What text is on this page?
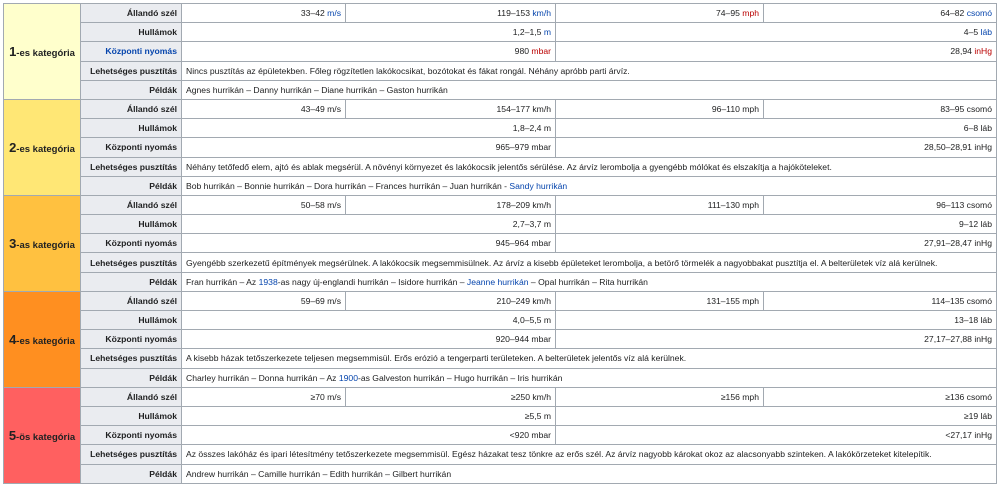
1-es kategória	Állandó szél	33–42 m/s	119–153 km/h	74–95 mph	64–82 csomó
	Hullámok	1,2–1,5 m		4–5 láb	
	Központi nyomás	980 mbar		28,94 inHg	
	Lehetséges pusztítás	Nincs pusztítás az épületekben. Főleg rögzítetlen lakókocsikat, bozótokat és fákat rongál. Néhány apróbb parti árvíz.			
	Példák	Agnes hurrikán – Danny hurrikán – Diane hurrikán – Gaston hurrikán			
2-es kategória	Állandó szél	43–49 m/s	154–177 km/h	96–110 mph	83–95 csomó
	Hullámok	1,8–2,4 m		6–8 láb	
	Központi nyomás	965–979 mbar		28,50–28,91 inHg	
	Lehetséges pusztítás	Néhány tetőfedő elem, ajtó és ablak megsérül. A növényi környezet és lakókocsik jelentős sérülése. Az árvíz lerombolja a gyengébb mólókat és elszakítja a hajóköteleket.			
	Példák	Bob hurrikán – Bonnie hurrikán – Dora hurrikán – Frances hurrikán – Juan hurrikán - Sandy hurrikán			
3-as kategória	Állandó szél	50–58 m/s	178–209 km/h	111–130 mph	96–113 csomó
	Hullámok	2,7–3,7 m		9–12 láb	
	Központi nyomás	945–964 mbar		27,91–28,47 inHg	
	Lehetséges pusztítás	Gyengébb szerkezetű építmények megsérülnek. A lakókocsik megsemmisülnek. Az árvíz a kisebb épületeket lerombolja, a betörő törmelék a nagyobbakat pusztítja el. A belterületek víz alá kerülnek.			
	Példák	Fran hurrikán – Az 1938-as nagy új-englandi hurrikán – Isidore hurrikán – Jeanne hurrikán – Opal hurrikán – Rita hurrikán			
4-es kategória	Állandó szél	59–69 m/s	210–249 km/h	131–155 mph	114–135 csomó
	Hullámok	4,0–5,5 m		13–18 láb	
	Központi nyomás	920–944 mbar		27,17–27,88 inHg	
	Lehetséges pusztítás	A kisebb házak tetőszerkezete teljesen megsemmisül. Erős erózió a tengerparti területeken. A belterületek jelentős víz alá kerülnek.			
	Példák	Charley hurrikán – Donna hurrikán – Az 1900-as Galveston hurrikán – Hugo hurrikán – Iris hurrikán			
5-ös kategória	Állandó szél	≥70 m/s	≥250 km/h	≥156 mph	≥136 csomó
	Hullámok	≥5,5 m		≥19 láb	
	Központi nyomás	<920 mbar		<27,17 inHg	
	Lehetséges pusztítás	Az összes lakóház és ipari létesítmény tetőszerkezete megsemmisül. Egész házakat tesz tönkre az erős szél. Az árvíz nagyobb károkat okoz az alacsonyabb szinteken. A lakókörzeteket kitelepítik.			
	Példák	Andrew hurrikán – Camille hurrikán – Edith hurrikán – Gilbert hurrikán			
